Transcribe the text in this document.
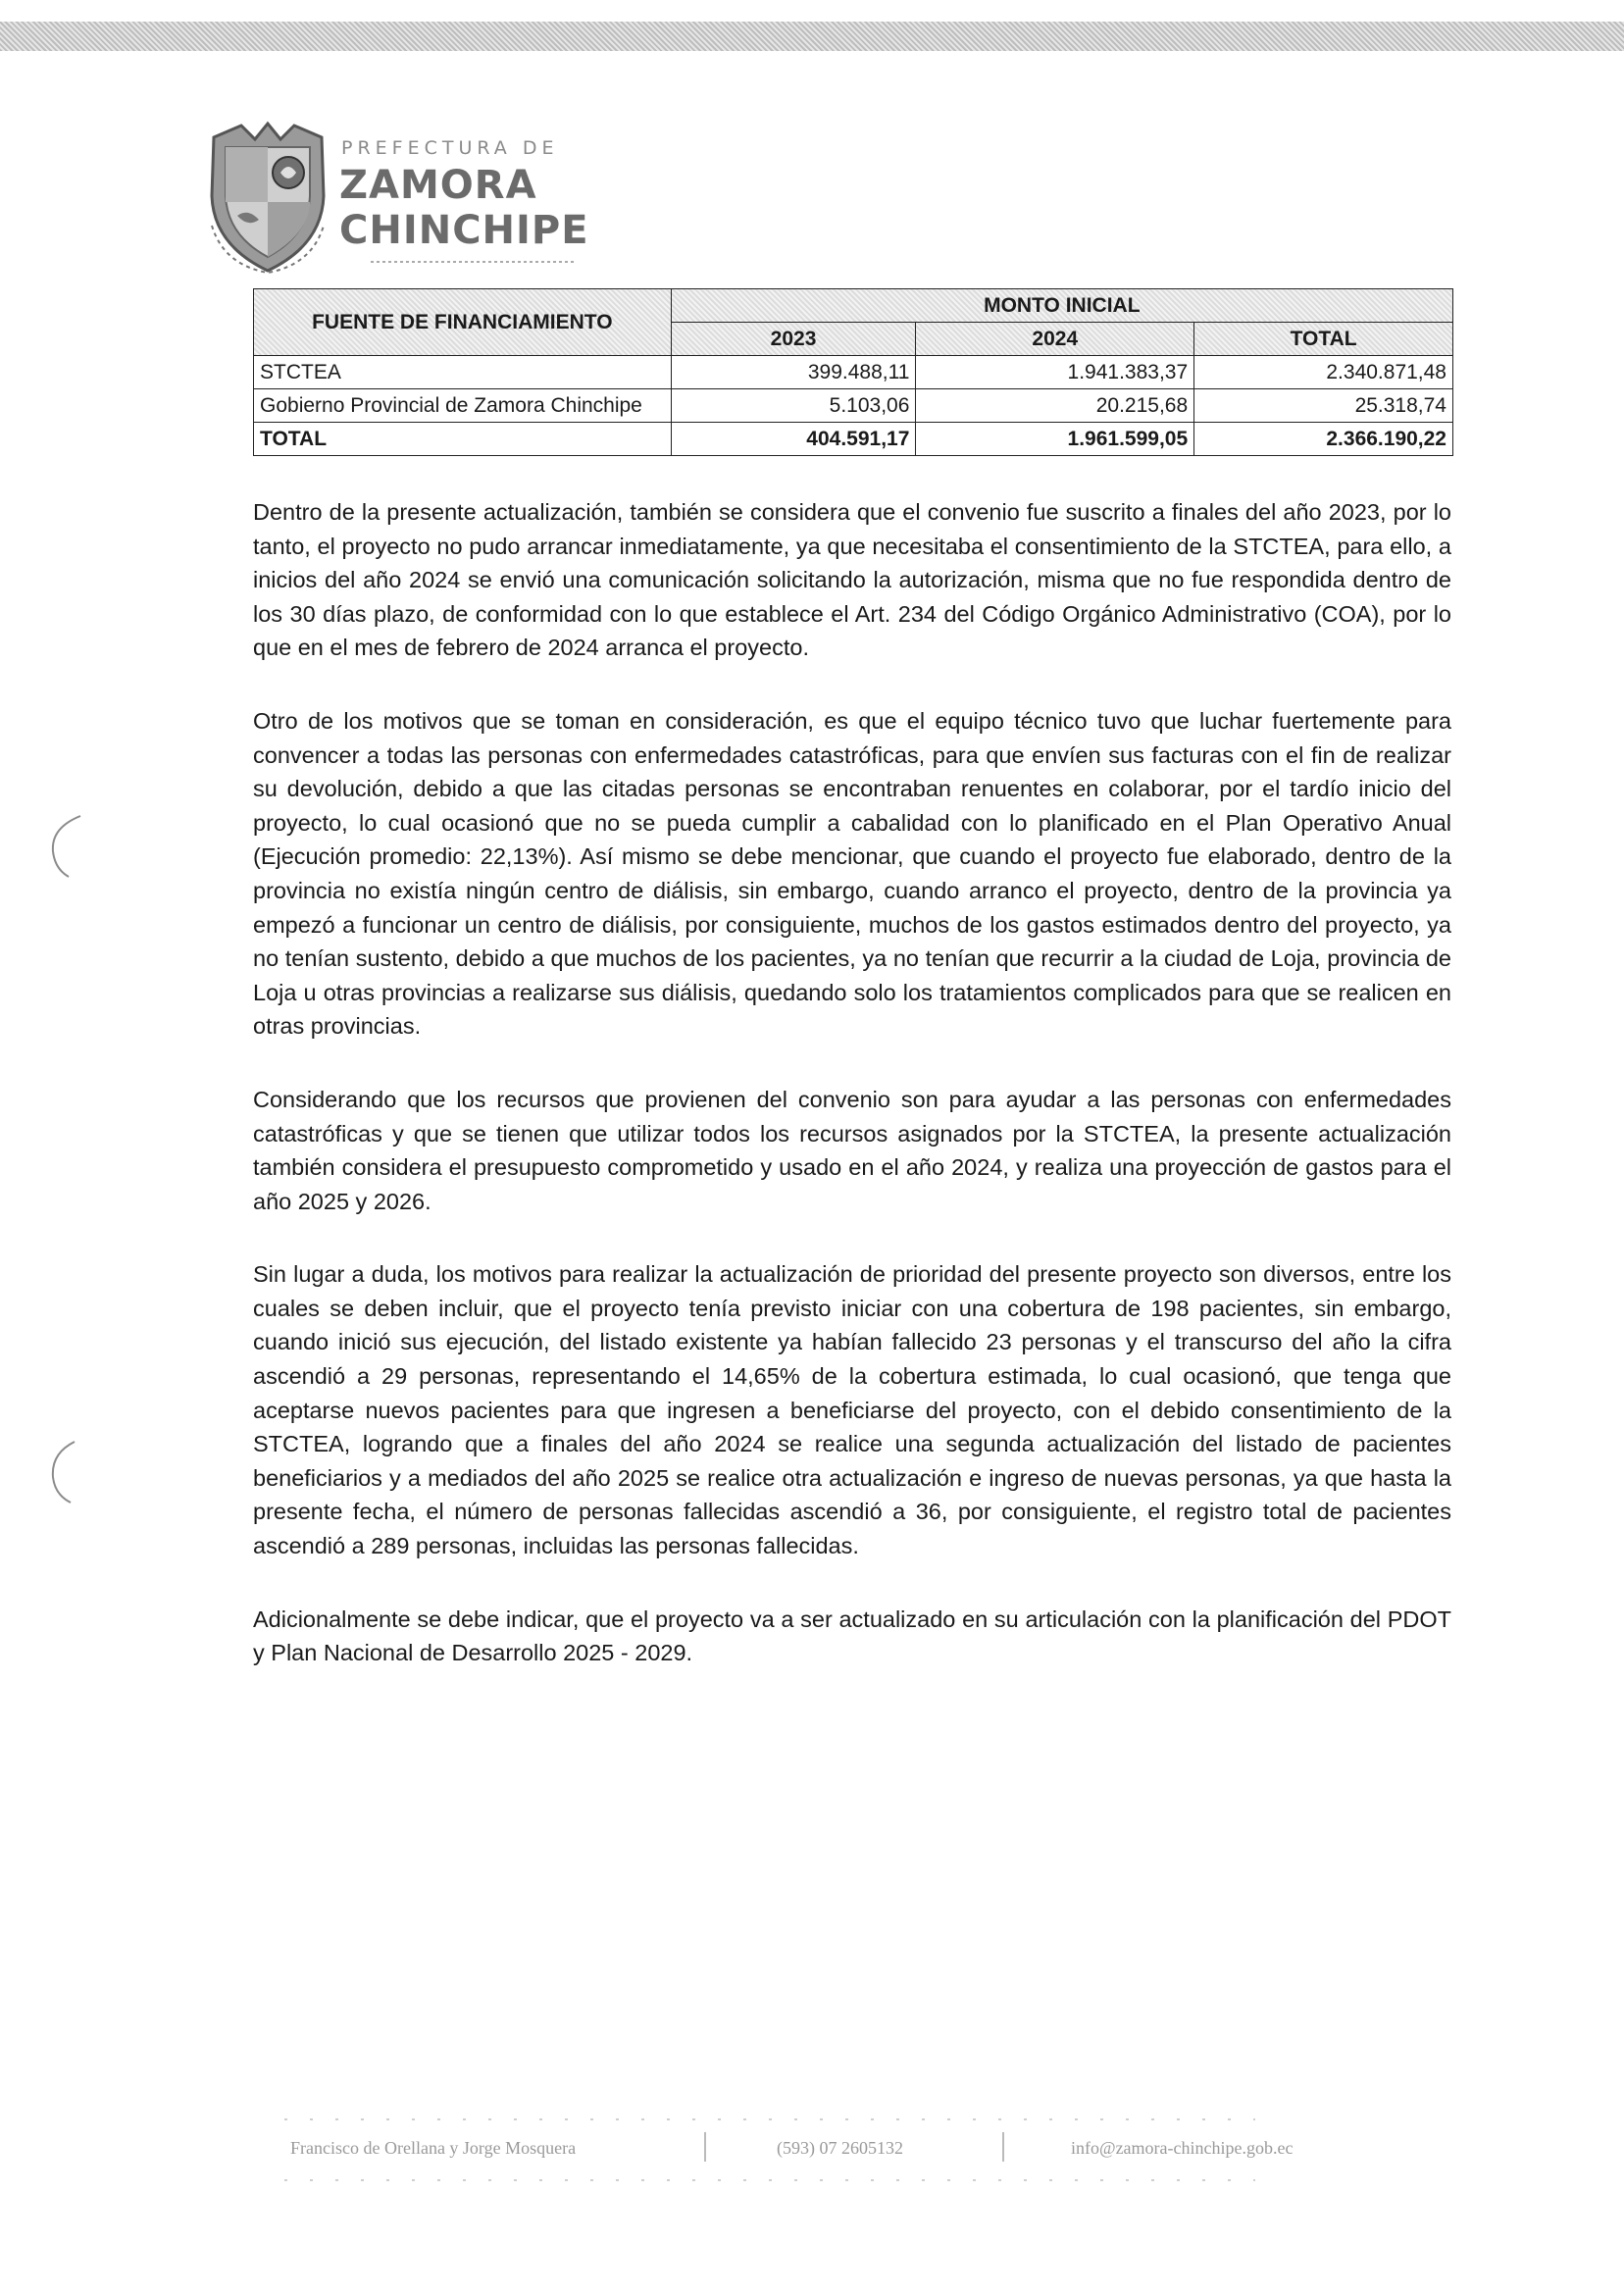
PREFECTURA DE
ZAMORA
CHINCHIPE
FUENTE DE FINANCIAMIENTO	MONTO INICIAL		
	2023	2024	TOTAL
STCTEA	399.488,11	1.941.383,37	2.340.871,48
Gobierno Provincial de Zamora Chinchipe	5.103,06	20.215,68	25.318,74
TOTAL	404.591,17	1.961.599,05	2.366.190,22

Dentro de la presente actualización, también se considera que el convenio fue suscrito a finales del año 2023, por lo tanto, el proyecto no pudo arrancar inmediatamente, ya que necesitaba el consentimiento de la STCTEA, para ello, a inicios del año 2024 se envió una comunicación solicitando la autorización, misma que no fue respondida dentro de los 30 días plazo, de conformidad con lo que establece el Art. 234 del Código Orgánico Administrativo (COA), por lo que en el mes de febrero de 2024 arranca el proyecto.

Otro de los motivos que se toman en consideración, es que el equipo técnico tuvo que luchar fuertemente para convencer a todas las personas con enfermedades catastróficas, para que envíen sus facturas con el fin de realizar su devolución, debido a que las citadas personas se encontraban renuentes en colaborar, por el tardío inicio del proyecto, lo cual ocasionó que no se pueda cumplir a cabalidad con lo planificado en el Plan Operativo Anual (Ejecución promedio: 22,13%). Así mismo se debe mencionar, que cuando el proyecto fue elaborado, dentro de la provincia no existía ningún centro de diálisis, sin embargo, cuando arranco el proyecto, dentro de la provincia ya empezó a funcionar un centro de diálisis, por consiguiente, muchos de los gastos estimados dentro del proyecto, ya no tenían sustento, debido a que muchos de los pacientes, ya no tenían que recurrir a la ciudad de Loja, provincia de Loja u otras provincias a realizarse sus diálisis, quedando solo los tratamientos complicados para que se realicen en otras provincias.

Considerando que los recursos que provienen del convenio son para ayudar a las personas con enfermedades catastróficas y que se tienen que utilizar todos los recursos asignados por la STCTEA, la presente actualización también considera el presupuesto comprometido y usado en el año 2024, y realiza una proyección de gastos para el año 2025 y 2026.

Sin lugar a duda, los motivos para realizar la actualización de prioridad del presente proyecto son diversos, entre los cuales se deben incluir, que el proyecto tenía previsto iniciar con una cobertura de 198 pacientes, sin embargo, cuando inició sus ejecución, del listado existente ya habían fallecido 23 personas y el transcurso del año la cifra ascendió a 29 personas, representando el 14,65% de la cobertura estimada, lo cual ocasionó, que tenga que aceptarse nuevos pacientes para que ingresen a beneficiarse del proyecto, con el debido consentimiento de la STCTEA, logrando que a finales del año 2024 se realice una segunda actualización del listado de pacientes beneficiarios y a mediados del año 2025 se realice otra actualización e ingreso de nuevas personas, ya que hasta la presente fecha, el número de personas fallecidas ascendió a 36, por consiguiente, el registro total de pacientes ascendió a 289 personas, incluidas las personas fallecidas.

Adicionalmente se debe indicar, que el proyecto va a ser actualizado en su articulación con la planificación del PDOT y Plan Nacional de Desarrollo 2025 - 2029.

Francisco de Orellana y Jorge Mosquera	(593) 07 2605132	info@zamora-chinchipe.gob.ec
